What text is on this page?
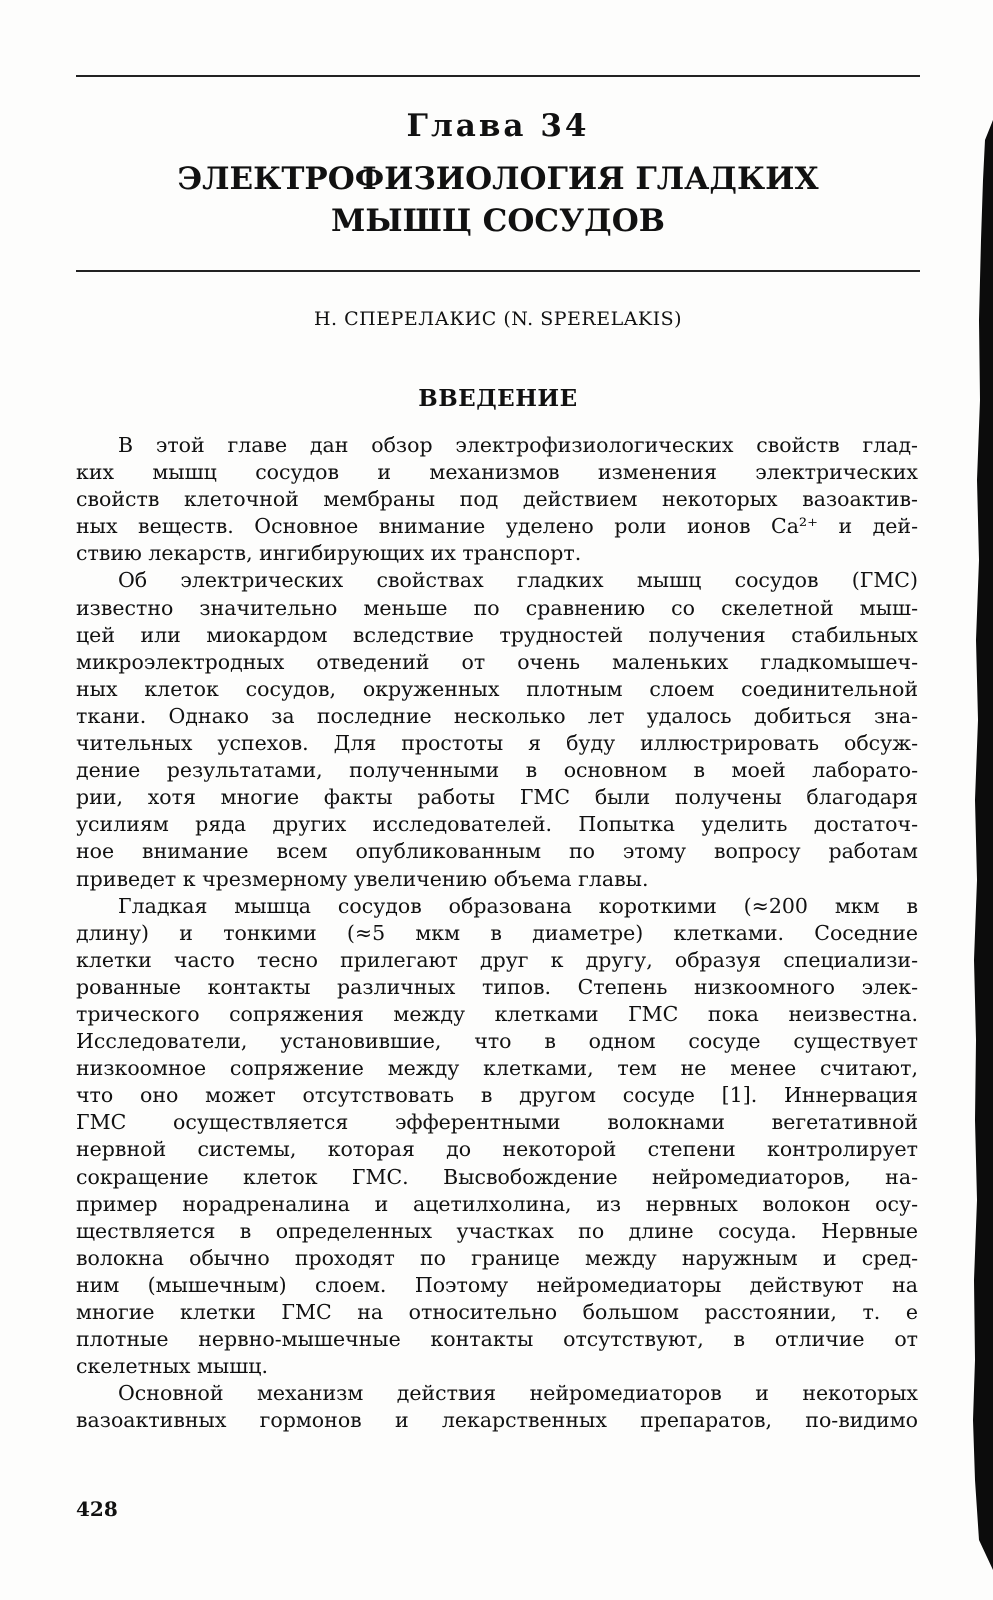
Глава 34
ЭЛЕКТРОФИЗИОЛОГИЯ ГЛАДКИХ
МЫШЦ СОСУДОВ
Н. СПЕРЕЛАКИС (N. SPERELAKIS)
ВВЕДЕНИЕ
В этой главе дан обзор электрофизиологических свойств глад-
ких мышц сосудов и механизмов изменения электрических
свойств клеточной мембраны под действием некоторых вазоактив-
ных веществ. Основное внимание уделено роли ионов Ca²⁺ и дей-
ствию лекарств, ингибирующих их транспорт.
Об электрических свойствах гладких мышц сосудов (ГМС)
известно значительно меньше по сравнению со скелетной мыш-
цей или миокардом вследствие трудностей получения стабильных
микроэлектродных отведений от очень маленьких гладкомышеч-
ных клеток сосудов, окруженных плотным слоем соединительной
ткани. Однако за последние несколько лет удалось добиться зна-
чительных успехов. Для простоты я буду иллюстрировать обсуж-
дение результатами, полученными в основном в моей лаборато-
рии, хотя многие факты работы ГМС были получены благодаря
усилиям ряда других исследователей. Попытка уделить достаточ-
ное внимание всем опубликованным по этому вопросу работам
приведет к чрезмерному увеличению объема главы.
Гладкая мышца сосудов образована короткими (≈200 мкм в
длину) и тонкими (≈5 мкм в диаметре) клетками. Соседние
клетки часто тесно прилегают друг к другу, образуя специализи-
рованные контакты различных типов. Степень низкоомного элек-
трического сопряжения между клетками ГМС пока неизвестна.
Исследователи, установившие, что в одном сосуде существует
низкоомное сопряжение между клетками, тем не менее считают,
что оно может отсутствовать в другом сосуде [1]. Иннервация
ГМС осуществляется эфферентными волокнами вегетативной
нервной системы, которая до некоторой степени контролирует
сокращение клеток ГМС. Высвобождение нейромедиаторов, на-
пример норадреналина и ацетилхолина, из нервных волокон осу-
ществляется в определенных участках по длине сосуда. Нервные
волокна обычно проходят по границе между наружным и сред-
ним (мышечным) слоем. Поэтому нейромедиаторы действуют на
многие клетки ГМС на относительно большом расстоянии, т. е
плотные нервно-мышечные контакты отсутствуют, в отличие от
скелетных мышц.
Основной механизм действия нейромедиаторов и некоторых
вазоактивных гормонов и лекарственных препаратов, по-видимо
428
